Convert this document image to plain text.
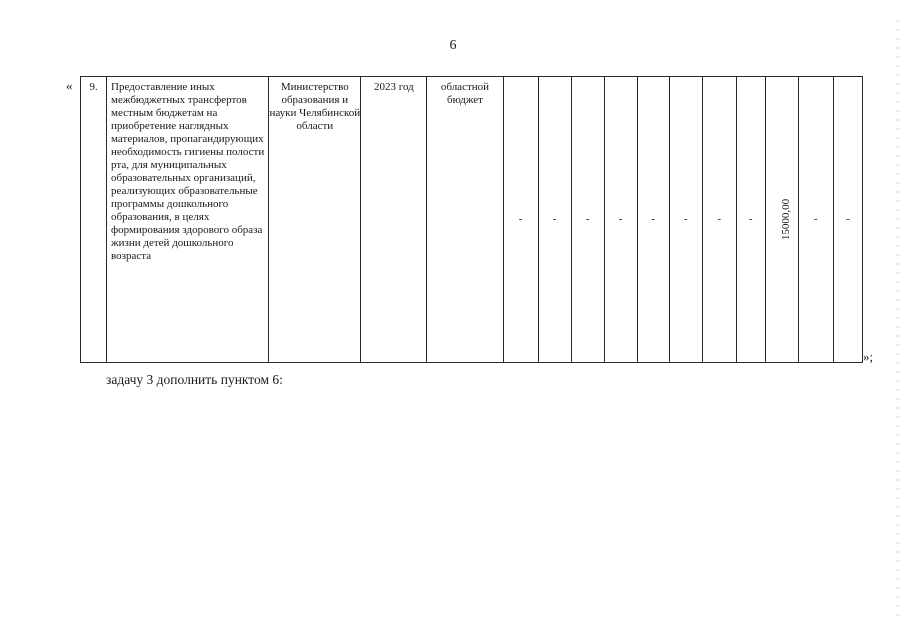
6
« 9.	Предоставление иных межбюджетных трансфертов местным бюджетам на приобретение наглядных материалов, пропагандирующих необходимость гигиены полости рта, для муниципальных образовательных организаций, реализующих образовательные программы дошкольного образования, в целях формирования здорового образа жизни детей дошкольного возраста	Министерство образования и науки Челябинской области	2023 год	областной бюджет	-	-	-	-	-	-	-	-	15000,00	-	-
»;
задачу 3 дополнить пунктом 6:
